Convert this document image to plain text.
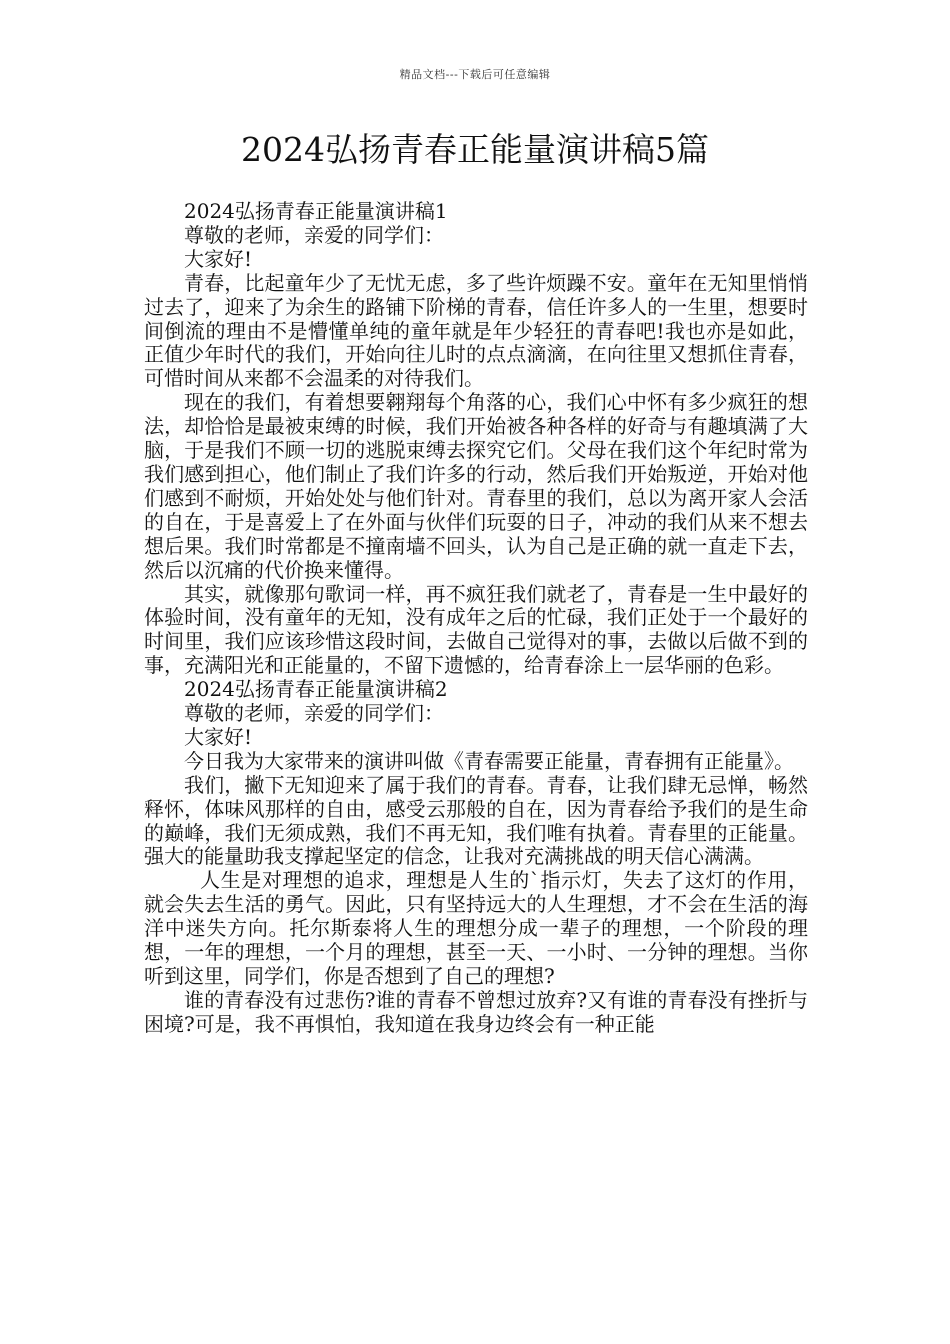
精品文档---下载后可任意编辑
2024弘扬青春正能量演讲稿5篇

2024弘扬青春正能量演讲稿1

尊敬的老师，亲爱的同学们：

大家好!

青春，比起童年少了无忧无虑，多了些许烦躁不安。童年在无知里悄悄过去了，迎来了为余生的路铺下阶梯的青春，信任许多人的一生里，想要时间倒流的理由不是懵懂单纯的童年就是年少轻狂的青春吧!我也亦是如此，正值少年时代的我们，开始向往儿时的点点滴滴，在向往里又想抓住青春，可惜时间从来都不会温柔的对待我们。

现在的我们，有着想要翱翔每个角落的心，我们心中怀有多少疯狂的想法，却恰恰是最被束缚的时候，我们开始被各种各样的好奇与有趣填满了大脑，于是我们不顾一切的逃脱束缚去探究它们。父母在我们这个年纪时常为我们感到担心，他们制止了我们许多的行动，然后我们开始叛逆，开始对他们感到不耐烦，开始处处与他们针对。青春里的我们，总以为离开家人会活的自在，于是喜爱上了在外面与伙伴们玩耍的日子，冲动的我们从来不想去想后果。我们时常都是不撞南墙不回头，认为自己是正确的就一直走下去，然后以沉痛的代价换来懂得。

其实，就像那句歌词一样，再不疯狂我们就老了，青春是一生中最好的体验时间，没有童年的无知，没有成年之后的忙碌，我们正处于一个最好的时间里，我们应该珍惜这段时间，去做自己觉得对的事，去做以后做不到的事，充满阳光和正能量的，不留下遗憾的，给青春涂上一层华丽的色彩。

2024弘扬青春正能量演讲稿2

尊敬的老师，亲爱的同学们：

大家好!

今日我为大家带来的演讲叫做《青春需要正能量，青春拥有正能量》。

我们，撇下无知迎来了属于我们的青春。青春，让我们肆无忌惮，畅然释怀，体味风那样的自由，感受云那般的自在，因为青春给予我们的是生命的巅峰，我们无须成熟，我们不再无知，我们唯有执着。青春里的正能量。强大的能量助我支撑起坚定的信念，让我对充满挑战的明天信心满满。

人生是对理想的追求，理想是人生的`指示灯，失去了这灯的作用，就会失去生活的勇气。因此，只有坚持远大的人生理想，才不会在生活的海洋中迷失方向。托尔斯泰将人生的理想分成一辈子的理想，一个阶段的理想，一年的理想，一个月的理想，甚至一天、一小时、一分钟的理想。当你听到这里，同学们，你是否想到了自己的理想?

谁的青春没有过悲伤?谁的青春不曾想过放弃?又有谁的青春没有挫折与困境?可是，我不再惧怕，我知道在我身边终会有一种正能
